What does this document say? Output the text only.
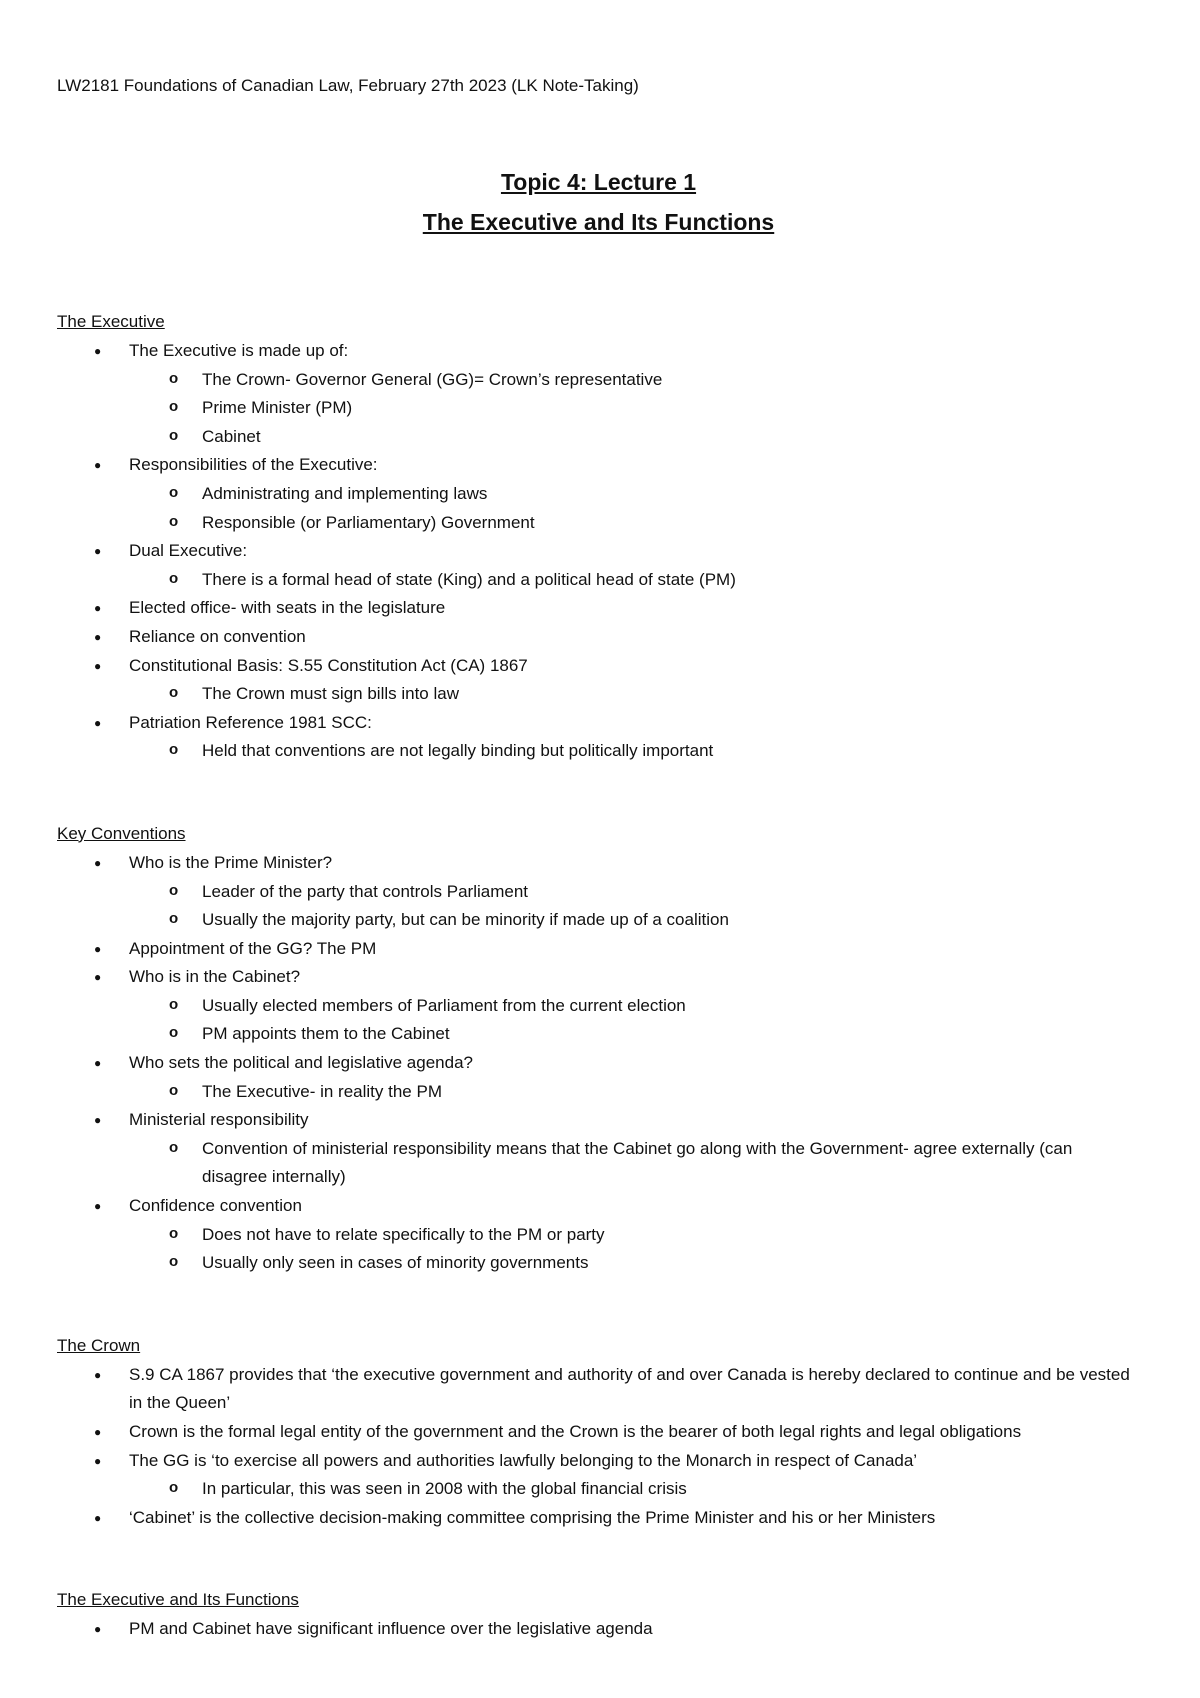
LW2181 Foundations of Canadian Law, February 27th 2023 (LK Note-Taking)
Topic 4: Lecture 1
The Executive and Its Functions
The Executive
● The Executive is made up of:
o The Crown- Governor General (GG)= Crown’s representative
o Prime Minister (PM)
o Cabinet
● Responsibilities of the Executive:
o Administrating and implementing laws
o Responsible (or Parliamentary) Government
● Dual Executive:
o There is a formal head of state (King) and a political head of state (PM)
● Elected office- with seats in the legislature
● Reliance on convention
● Constitutional Basis: S.55 Constitution Act (CA) 1867
o The Crown must sign bills into law
● Patriation Reference 1981 SCC:
o Held that conventions are not legally binding but politically important
Key Conventions
● Who is the Prime Minister?
o Leader of the party that controls Parliament
o Usually the majority party, but can be minority if made up of a coalition
● Appointment of the GG? The PM
● Who is in the Cabinet?
o Usually elected members of Parliament from the current election
o PM appoints them to the Cabinet
● Who sets the political and legislative agenda?
o The Executive- in reality the PM
● Ministerial responsibility
o Convention of ministerial responsibility means that the Cabinet go along with the Government- agree externally (can disagree internally)
● Confidence convention
o Does not have to relate specifically to the PM or party
o Usually only seen in cases of minority governments
The Crown
● S.9 CA 1867 provides that ‘the executive government and authority of and over Canada is hereby declared to continue and be vested in the Queen’
● Crown is the formal legal entity of the government and the Crown is the bearer of both legal rights and legal obligations
● The GG is ‘to exercise all powers and authorities lawfully belonging to the Monarch in respect of Canada’
o In particular, this was seen in 2008 with the global financial crisis
● ‘Cabinet’ is the collective decision-making committee comprising the Prime Minister and his or her Ministers
The Executive and Its Functions
● PM and Cabinet have significant influence over the legislative agenda
